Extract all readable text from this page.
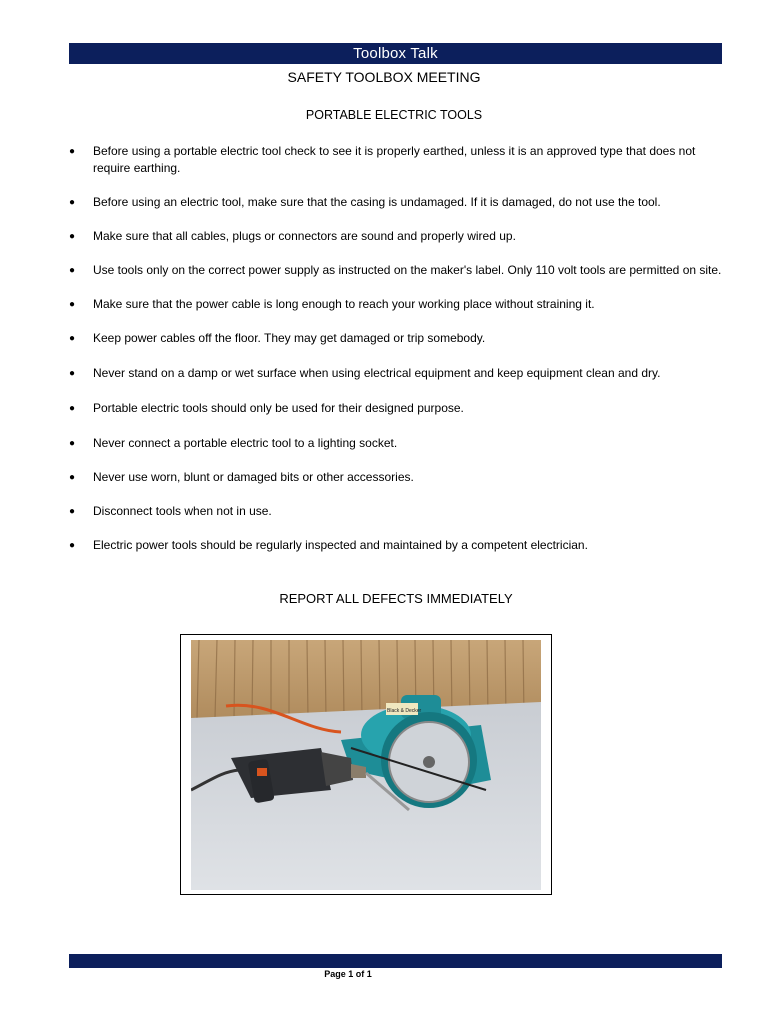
Toolbox Talk
SAFETY TOOLBOX MEETING
PORTABLE ELECTRIC TOOLS
● Before using a portable electric tool check to see it is properly earthed, unless it is an approved type that does not require earthing.
● Before using an electric tool, make sure that the casing is undamaged. If it is damaged, do not use the tool.
● Make sure that all cables, plugs or connectors are sound and properly wired up.
● Use tools only on the correct power supply as instructed on the maker's label. Only 110 volt tools are permitted on site.
● Make sure that the power cable is long enough to reach your working place without straining it.
● Keep power cables off the floor. They may get damaged or trip somebody.
● Never stand on a damp or wet surface when using electrical equipment and keep equipment clean and dry.
● Portable electric tools should only be used for their designed purpose.
● Never connect a portable electric tool to a lighting socket.
● Never use worn, blunt or damaged bits or other accessories.
● Disconnect tools when not in use.
● Electric power tools should be regularly inspected and maintained by a competent electrician.
REPORT ALL DEFECTS IMMEDIATELY
Black & Decker
Page 1 of 1
